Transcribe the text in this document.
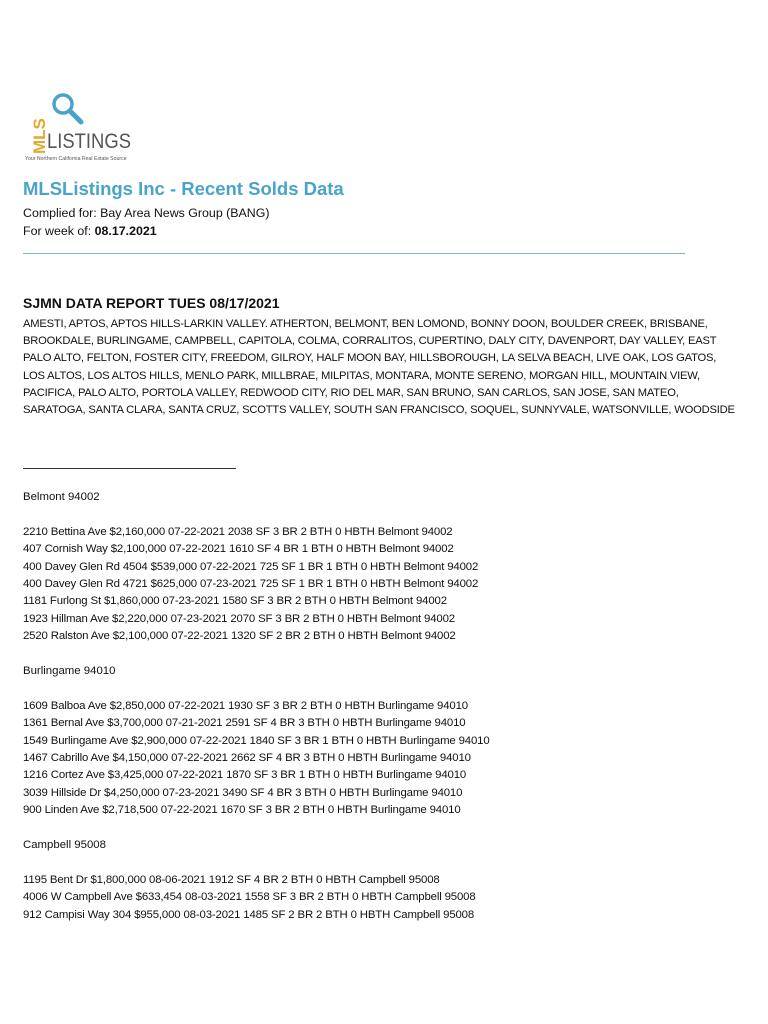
MLS
LISTINGS
Your Northern California Real Estate Source
MLSListings Inc - Recent Solds Data
Complied for: Bay Area News Group (BANG)
For week of: 08.17.2021
SJMN DATA REPORT TUES 08/17/2021
AMESTI, APTOS, APTOS HILLS-LARKIN VALLEY. ATHERTON, BELMONT, BEN LOMOND, BONNY DOON, BOULDER CREEK, BRISBANE,
BROOKDALE, BURLINGAME, CAMPBELL, CAPITOLA, COLMA, CORRALITOS, CUPERTINO, DALY CITY, DAVENPORT, DAY VALLEY, EAST
PALO ALTO, FELTON, FOSTER CITY, FREEDOM, GILROY, HALF MOON BAY, HILLSBOROUGH, LA SELVA BEACH, LIVE OAK, LOS GATOS,
LOS ALTOS, LOS ALTOS HILLS, MENLO PARK, MILLBRAE, MILPITAS, MONTARA, MONTE SERENO, MORGAN HILL, MOUNTAIN VIEW,
PACIFICA, PALO ALTO, PORTOLA VALLEY, REDWOOD CITY, RIO DEL MAR, SAN BRUNO, SAN CARLOS, SAN JOSE, SAN MATEO,
SARATOGA, SANTA CLARA, SANTA CRUZ, SCOTTS VALLEY, SOUTH SAN FRANCISCO, SOQUEL, SUNNYVALE, WATSONVILLE, WOODSIDE
Belmont 94002
2210 Bettina Ave $2,160,000 07-22-2021 2038 SF 3 BR 2 BTH 0 HBTH Belmont 94002
407 Cornish Way $2,100,000 07-22-2021 1610 SF 4 BR 1 BTH 0 HBTH Belmont 94002
400 Davey Glen Rd 4504 $539,000 07-22-2021 725 SF 1 BR 1 BTH 0 HBTH Belmont 94002
400 Davey Glen Rd 4721 $625,000 07-23-2021 725 SF 1 BR 1 BTH 0 HBTH Belmont 94002
1181 Furlong St $1,860,000 07-23-2021 1580 SF 3 BR 2 BTH 0 HBTH Belmont 94002
1923 Hillman Ave $2,220,000 07-23-2021 2070 SF 3 BR 2 BTH 0 HBTH Belmont 94002
2520 Ralston Ave $2,100,000 07-22-2021 1320 SF 2 BR 2 BTH 0 HBTH Belmont 94002
Burlingame 94010
1609 Balboa Ave $2,850,000 07-22-2021 1930 SF 3 BR 2 BTH 0 HBTH Burlingame 94010
1361 Bernal Ave $3,700,000 07-21-2021 2591 SF 4 BR 3 BTH 0 HBTH Burlingame 94010
1549 Burlingame Ave $2,900,000 07-22-2021 1840 SF 3 BR 1 BTH 0 HBTH Burlingame 94010
1467 Cabrillo Ave $4,150,000 07-22-2021 2662 SF 4 BR 3 BTH 0 HBTH Burlingame 94010
1216 Cortez Ave $3,425,000 07-22-2021 1870 SF 3 BR 1 BTH 0 HBTH Burlingame 94010
3039 Hillside Dr $4,250,000 07-23-2021 3490 SF 4 BR 3 BTH 0 HBTH Burlingame 94010
900 Linden Ave $2,718,500 07-22-2021 1670 SF 3 BR 2 BTH 0 HBTH Burlingame 94010
Campbell 95008
1195 Bent Dr $1,800,000 08-06-2021 1912 SF 4 BR 2 BTH 0 HBTH Campbell 95008
4006 W Campbell Ave $633,454 08-03-2021 1558 SF 3 BR 2 BTH 0 HBTH Campbell 95008
912 Campisi Way 304 $955,000 08-03-2021 1485 SF 2 BR 2 BTH 0 HBTH Campbell 95008
